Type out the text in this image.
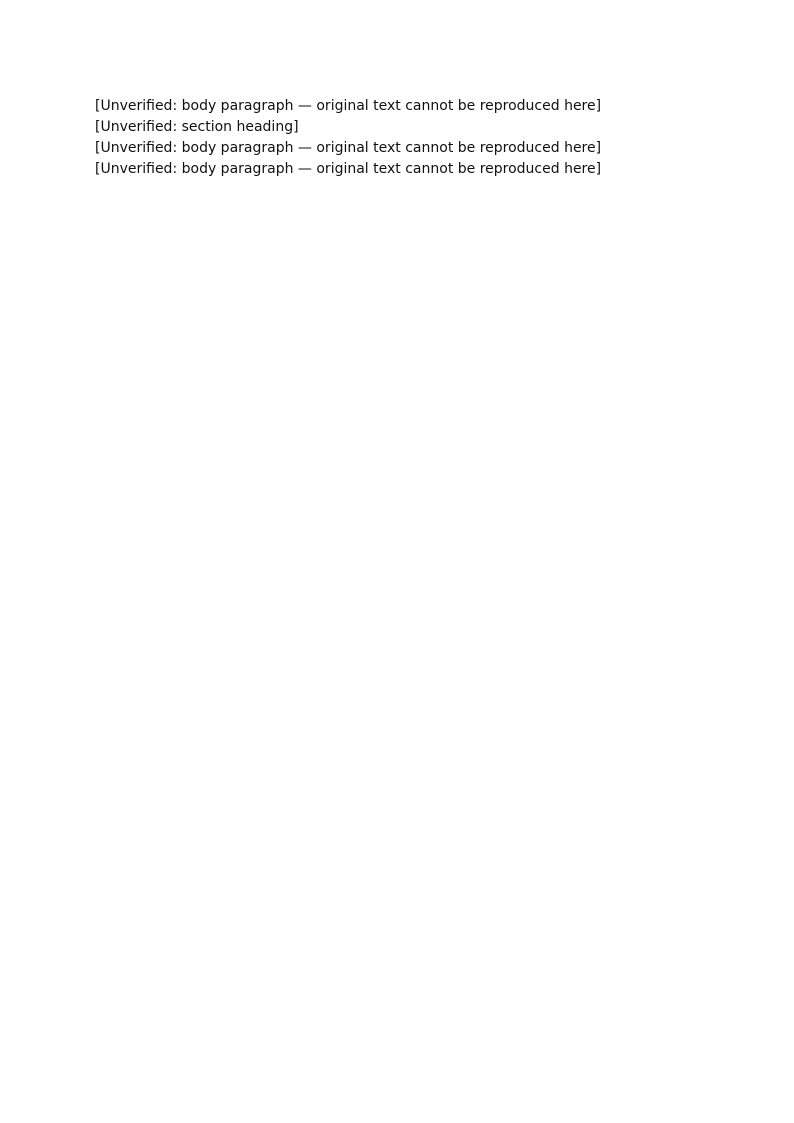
[Unverified: body paragraph — original text cannot be reproduced here]

[Unverified: section heading]

[Unverified: body paragraph — original text cannot be reproduced here]

[Unverified: body paragraph — original text cannot be reproduced here]
